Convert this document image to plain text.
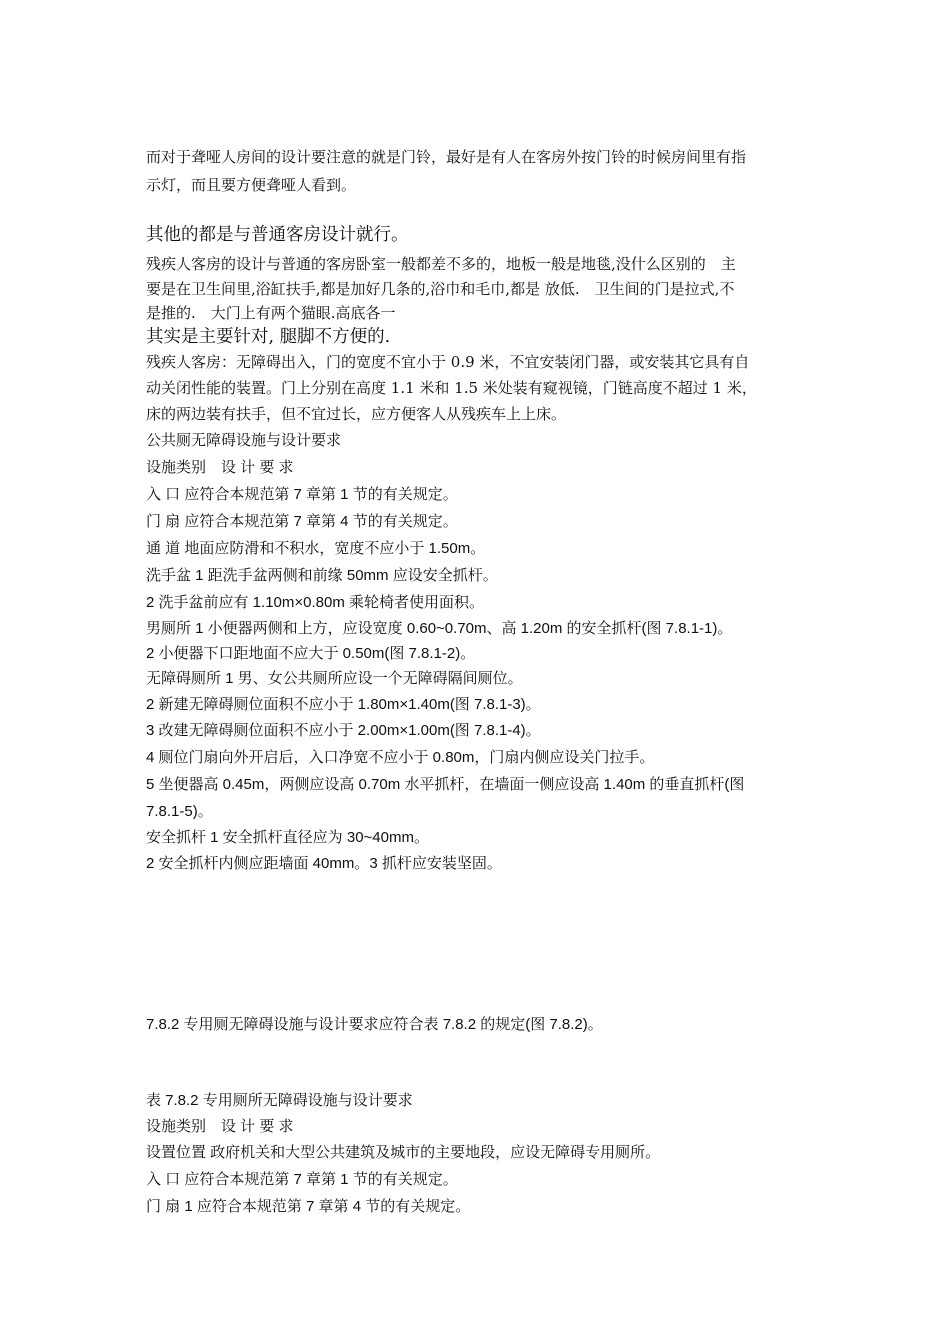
而对于聋哑人房间的设计要注意的就是门铃，最好是有人在客房外按门铃的时候房间里有指

示灯，而且要方便聋哑人看到。

其他的都是与普通客房设计就行。

残疾人客房的设计与普通的客房卧室一般都差不多的，地板一般是地毯,没什么区别的　主

要是在卫生间里,浴缸扶手,都是加好几条的,浴巾和毛巾,都是 放低.　卫生间的门是拉式,不

是推的.　大门上有两个猫眼.高底各一

其实是主要针对, 腿脚不方便的.

残疾人客房：无障碍出入，门的宽度不宜小于 0.9 米，不宜安装闭门器，或安装其它具有自

动关闭性能的装置。门上分别在高度 1.1 米和 1.5 米处装有窥视镜，门链高度不超过 1 米，

床的两边装有扶手，但不宜过长，应方便客人从残疾车上上床。

公共厕无障碍设施与设计要求

设施类别　设 计 要 求

入 口 应符合本规范第 7 章第 1 节的有关规定。

门 扇 应符合本规范第 7 章第 4 节的有关规定。

通 道 地面应防滑和不积水，宽度不应小于 1.50m。

洗手盆 1 距洗手盆两侧和前缘 50mm 应设安全抓杆。

2 洗手盆前应有 1.10m×0.80m 乘轮椅者使用面积。

男厕所 1 小便器两侧和上方，应设宽度 0.60~0.70m、高 1.20m 的安全抓杆(图 7.8.1-1)。

2 小便器下口距地面不应大于 0.50m(图 7.8.1-2)。

无障碍厕所 1 男、女公共厕所应设一个无障碍隔间厕位。

2 新建无障碍厕位面积不应小于 1.80m×1.40m(图 7.8.1-3)。

3 改建无障碍厕位面积不应小于 2.00m×1.00m(图 7.8.1-4)。

4 厕位门扇向外开启后，入口净宽不应小于 0.80m，门扇内侧应设关门拉手。

5 坐便器高 0.45m，两侧应设高 0.70m 水平抓杆，在墙面一侧应设高 1.40m 的垂直抓杆(图

7.8.1-5)。

安全抓杆 1 安全抓杆直径应为 30~40mm。

2 安全抓杆内侧应距墙面 40mm。3 抓杆应安装坚固。

7.8.2 专用厕无障碍设施与设计要求应符合表 7.8.2 的规定(图 7.8.2)。

表 7.8.2 专用厕所无障碍设施与设计要求

设施类别　设 计 要 求

设置位置 政府机关和大型公共建筑及城市的主要地段，应设无障碍专用厕所。

入 口 应符合本规范第 7 章第 1 节的有关规定。

门 扇 1 应符合本规范第 7 章第 4 节的有关规定。
